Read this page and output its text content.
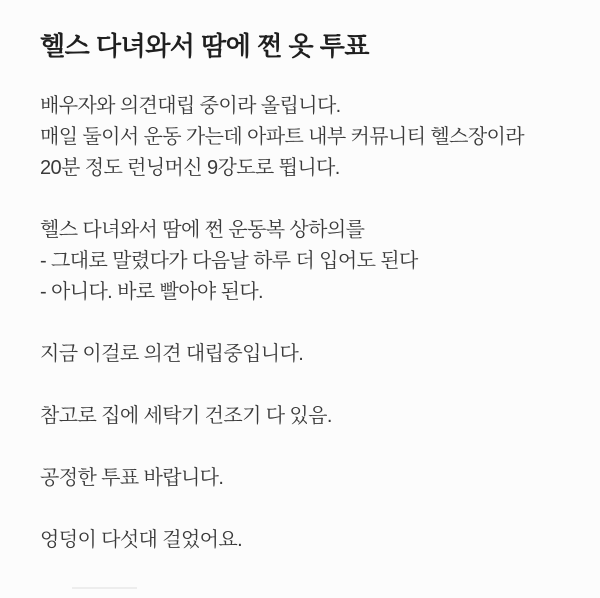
헬스 다녀와서 땀에 쩐 옷 투표
배우자와 의견대립 중이라 올립니다.
매일 둘이서 운동 가는데 아파트 내부 커뮤니티 헬스장이라
20분 정도 런닝머신 9강도로 뜁니다.
헬스 다녀와서 땀에 쩐 운동복 상하의를
- 그대로 말렸다가 다음날 하루 더 입어도 된다
- 아니다. 바로 빨아야 된다.
지금 이걸로 의견 대립중입니다.
참고로 집에 세탁기 건조기 다 있음.
공정한 투표 바랍니다.
엉덩이 다섯대 걸었어요.
